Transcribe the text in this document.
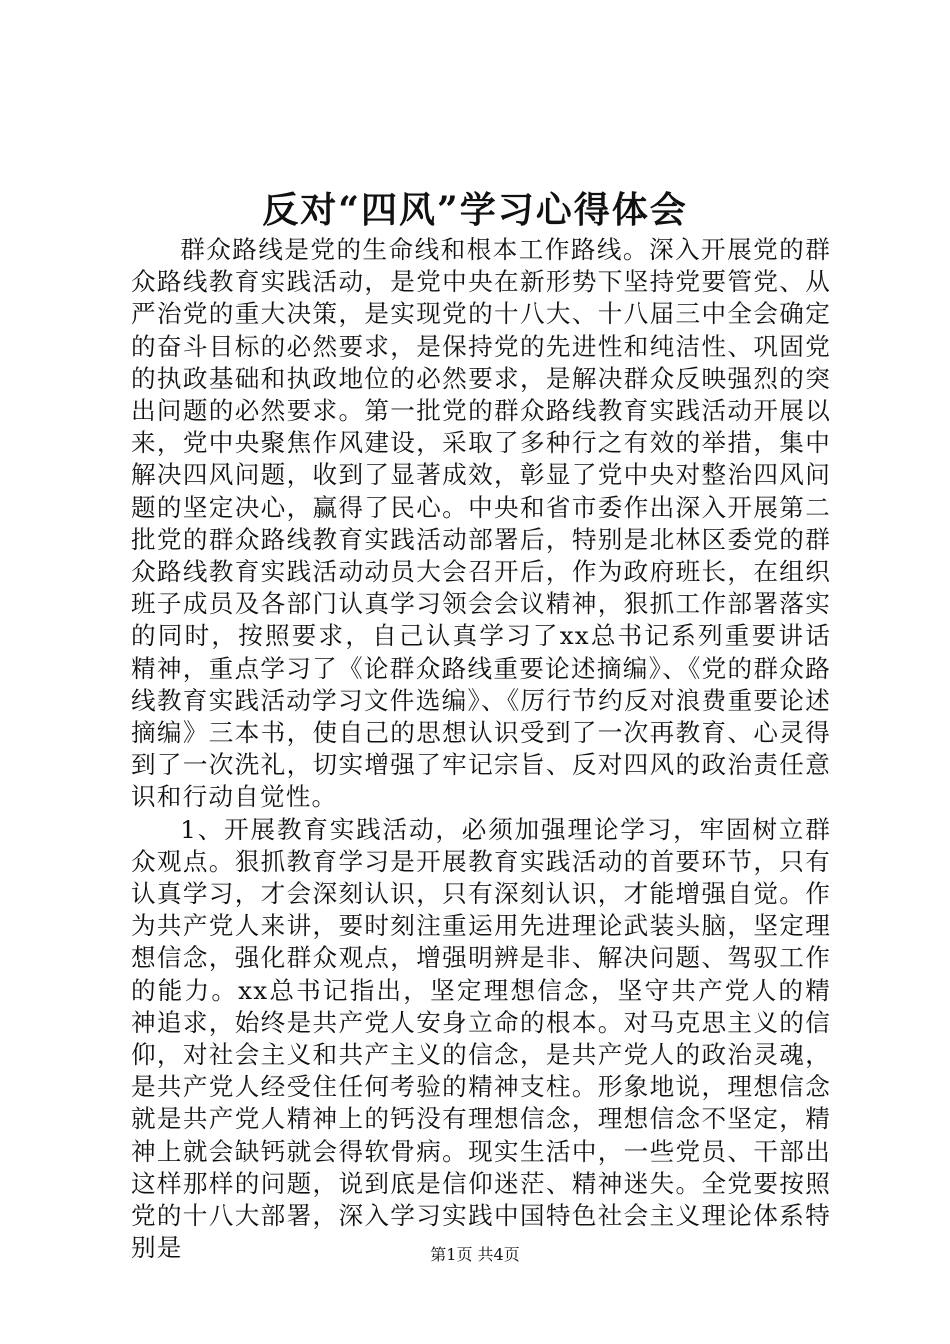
反对“四风”学习心得体会

群众路线是党的生命线和根本工作路线。深入开展党的群众路线教育实践活动，是党中央在新形势下坚持党要管党、从严治党的重大决策，是实现党的十八大、十八届三中全会确定的奋斗目标的必然要求，是保持党的先进性和纯洁性、巩固党的执政基础和执政地位的必然要求，是解决群众反映强烈的突出问题的必然要求。第一批党的群众路线教育实践活动开展以来，党中央聚焦作风建设，采取了多种行之有效的举措，集中解决四风问题，收到了显著成效，彰显了党中央对整治四风问题的坚定决心，赢得了民心。中央和省市委作出深入开展第二批党的群众路线教育实践活动部署后，特别是北林区委党的群众路线教育实践活动动员大会召开后，作为政府班长，在组织班子成员及各部门认真学习领会会议精神，狠抓工作部署落实的同时，按照要求，自己认真学习了xx总书记系列重要讲话精神，重点学习了《论群众路线重要论述摘编》、《党的群众路线教育实践活动学习文件选编》、《厉行节约反对浪费重要论述摘编》三本书，使自己的思想认识受到了一次再教育、心灵得到了一次洗礼，切实增强了牢记宗旨、反对四风的政治责任意识和行动自觉性。

1、开展教育实践活动，必须加强理论学习，牢固树立群众观点。狠抓教育学习是开展教育实践活动的首要环节，只有认真学习，才会深刻认识，只有深刻认识，才能增强自觉。作为共产党人来讲，要时刻注重运用先进理论武装头脑，坚定理想信念，强化群众观点，增强明辨是非、解决问题、驾驭工作的能力。xx总书记指出，坚定理想信念，坚守共产党人的精神追求，始终是共产党人安身立命的根本。对马克思主义的信仰，对社会主义和共产主义的信念，是共产党人的政治灵魂，是共产党人经受住任何考验的精神支柱。形象地说，理想信念就是共产党人精神上的钙没有理想信念，理想信念不坚定，精神上就会缺钙就会得软骨病。现实生活中，一些党员、干部出这样那样的问题，说到底是信仰迷茫、精神迷失。全党要按照党的十八大部署，深入学习实践中国特色社会主义理论体系特别是	第1页 共4页
